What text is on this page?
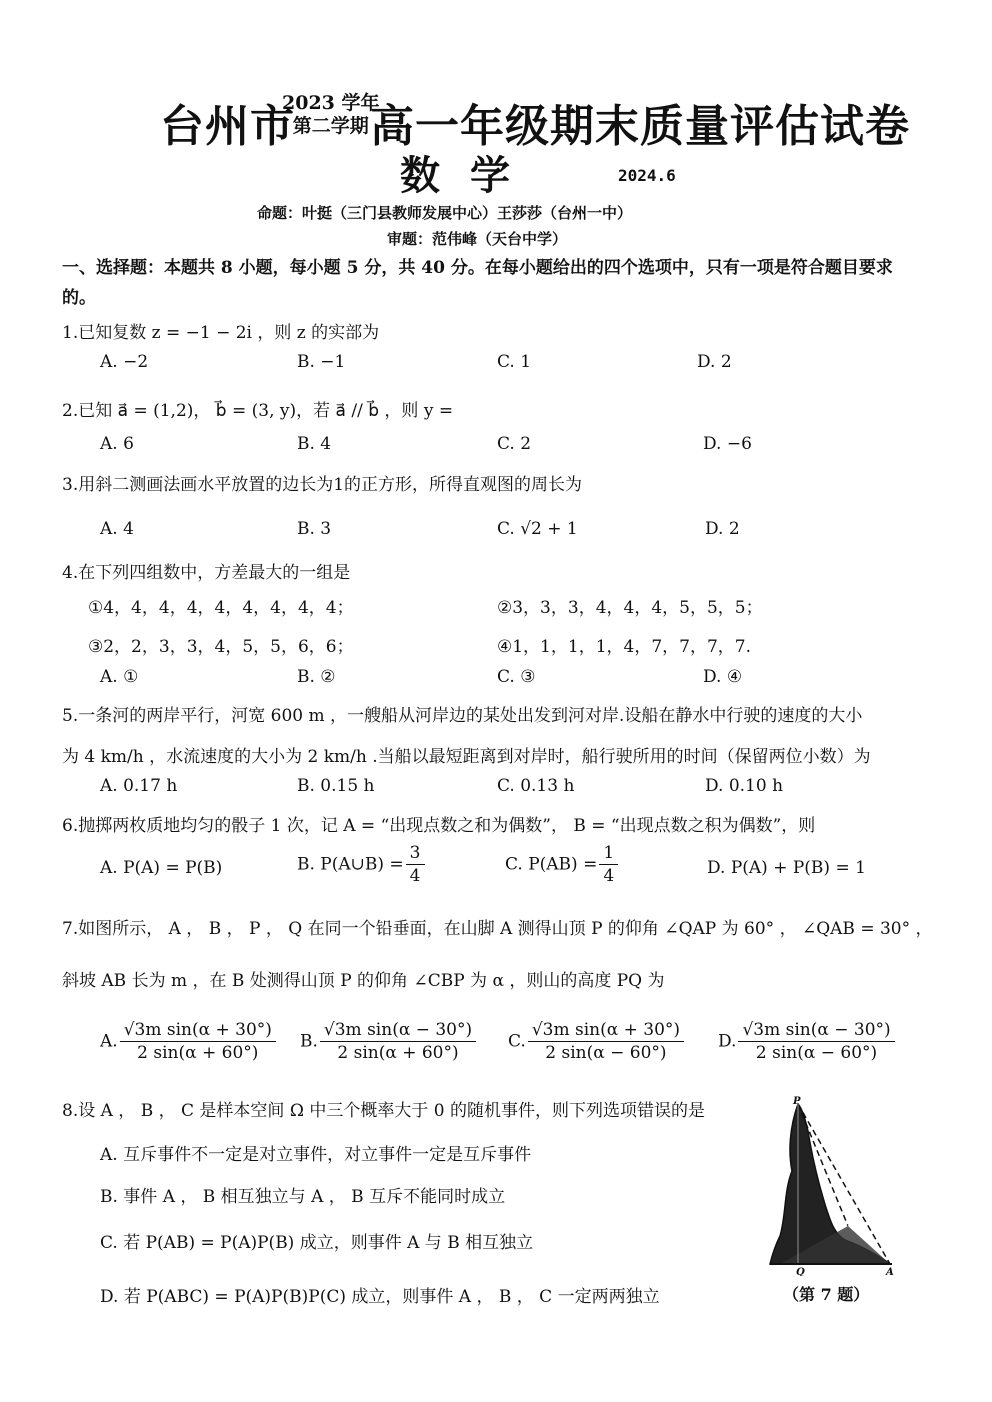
台州市
2023 学年
第二学期 高一年级期末质量评估试卷
数学	2024.6
命题：叶挺（三门县教师发展中心）王莎莎（台州一中）
审题：范伟峰（天台中学）
一、选择题：本题共 8 小题，每小题 5 分，共 40 分。在每小题给出的四个选项中，只有一项是符合题目要求的。
1.已知复数 z = −1 − 2i ，则 z 的实部为
A. −2	B. −1	C. 1	D. 2
2.已知 a⃗ = (1,2)， b⃗ = (3, y)，若 a⃗ // b⃗ ，则 y =
A. 6	B. 4	C. 2	D. −6
3.用斜二测画法画水平放置的边长为1的正方形，所得直观图的周长为
A. 4	B. 3	C. √2 + 1	D. 2
4.在下列四组数中，方差最大的一组是
①4，4，4，4，4，4，4，4，4；	②3，3，3，4，4，4，5，5，5；
③2，2，3，3，4，5，5，6，6；	④1，1，1，1，4，7，7，7，7.
A. ①	B. ②	C. ③	D. ④
5.一条河的两岸平行，河宽 600 m ，一艘船从河岸边的某处出发到河对岸.设船在静水中行驶的速度的大小
为 4 km/h ，水流速度的大小为 2 km/h .当船以最短距离到对岸时，船行驶所用的时间（保留两位小数）为
A. 0.17 h	B. 0.15 h	C. 0.13 h	D. 0.10 h
6.抛掷两枚质地均匀的骰子 1 次，记 A = “出现点数之和为偶数”， B = “出现点数之积为偶数”，则
A. P(A) = P(B)	B. P(A∪B) = $\frac{3}{4}$	C. $P(AB) = \frac{1}{4}$	D. P(A) + P(B) = 1
7.如图所示， A ， B ， P ， Q 在同一个铅垂面，在山脚 A 测得山顶 P 的仰角 ∠QAP 为 60° ， ∠QAB = 30° ，
斜坡 AB 长为 m ，在 B 处测得山顶 P 的仰角 ∠CBP 为 α ，则山的高度 PQ 为
A. $\frac{\text{√3m sin(α + 30°)}}{2 \sin(\alpha + 60^\circ)} B$. $\frac{\text{√3m sin(α − 30°)}}{2 \sin(\alpha + 60^\circ)} C$. $\frac{\text{√3m sin(α + 30°)}}{2 \sin(\alpha - 60^\circ)} D$. $\frac{\text{√3m sin(α − 30°)}}{2 \sin(\alpha - 60^\circ)}$
8.设 A ， B ， C 是样本空间 Ω 中三个概率大于 0 的随机事件，则下列选项错误的是
A. 互斥事件不一定是对立事件，对立事件一定是互斥事件
B. 事件 A ， B 相互独立与 A ， B 互斥不能同时成立
C. 若 P(AB) = P(A)P(B) 成立，则事件 A 与 B 相互独立
D. 若 P(ABC) = P(A)P(B)P(C) 成立，则事件 A ， B ， C 一定两两独立
P
B
Q	A
（第 7 题）
